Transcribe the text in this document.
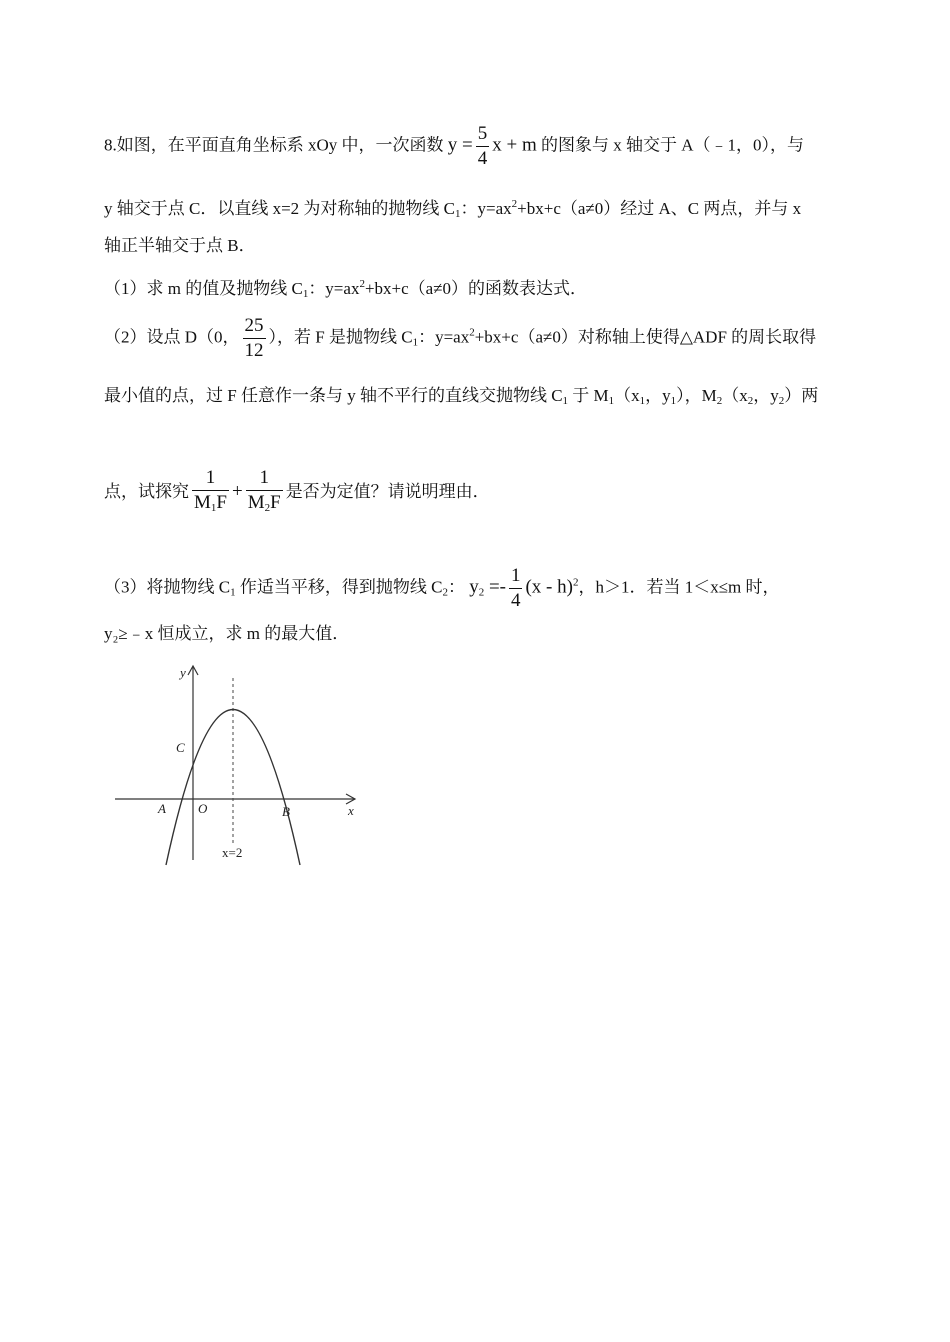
8.如图，在平面直角坐标系 xOy 中，一次函数 $y = \frac{5}{4}$ x + m 的图象与 x 轴交于 A（﹣1，0），与
y 轴交于点 C．以直线 x=2 为对称轴的抛物线 $C_1$：$y=ax^2+bx+c(a\ne 0)$经过 A、C 两点，并与 x
轴正半轴交于点 B．
（1）求 m 的值及抛物线 $C_1$：$y=ax^2+bx+c(a\ne 0)$的函数表达式．
（2）设点 D（0， $\frac{25}{12}$ ），若 F 是抛物线 $C_1$：$y=ax^2+bx+c(a\ne 0)$对称轴上使得△ADF 的周长取得
最小值的点，过 F 任意作一条与 y 轴不平行的直线交抛物线 $C_1$ 于 $M_1(x_1$，$y_1$），$M_2(x_2$，$y_2$）两
点，试探究 $\frac{1}{M_1F} + \frac{1}{M_2F}$ 是否为定值？请说明理由．
（3）将抛物线 $C_1$ 作适当平移，得到抛物线 $C_2$： $y_2 =- \frac{1}{4} (x - h)^2$，h＞1．若当 1＜x≤m 时，
y₂≥﹣x 恒成立，求 m 的最大值．
y
x
C
A O	B
x=2
